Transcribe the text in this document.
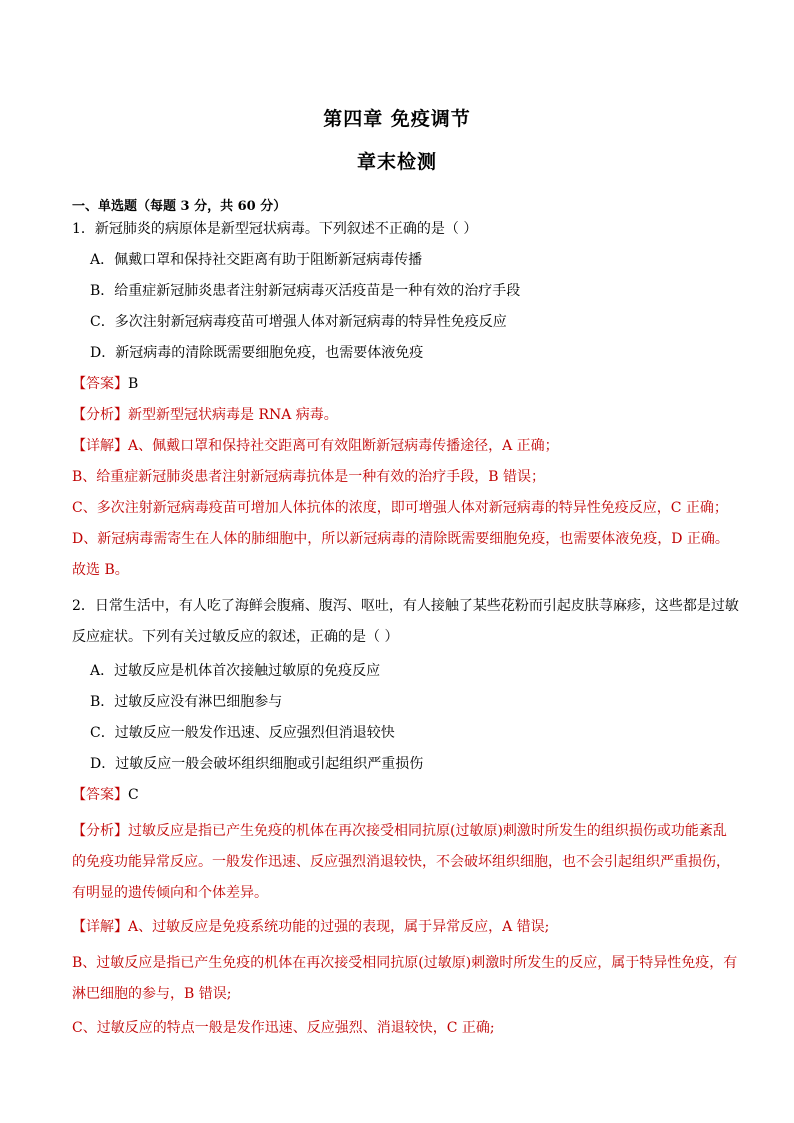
第四章 免疫调节
章末检测
一、单选题（每题 3 分，共 60 分）
1．新冠肺炎的病原体是新型冠状病毒。下列叙述不正确的是（ ）
A．佩戴口罩和保持社交距离有助于阻断新冠病毒传播
B．给重症新冠肺炎患者注射新冠病毒灭活疫苗是一种有效的治疗手段
C．多次注射新冠病毒疫苗可增强人体对新冠病毒的特异性免疫反应
D．新冠病毒的清除既需要细胞免疫，也需要体液免疫
【答案】B
【分析】新型新型冠状病毒是 RNA 病毒。
【详解】A、佩戴口罩和保持社交距离可有效阻断新冠病毒传播途径，A 正确；
B、给重症新冠肺炎患者注射新冠病毒抗体是一种有效的治疗手段，B 错误；
C、多次注射新冠病毒疫苗可增加人体抗体的浓度，即可增强人体对新冠病毒的特异性免疫反应，C 正确；
D、新冠病毒需寄生在人体的肺细胞中，所以新冠病毒的清除既需要细胞免疫，也需要体液免疫，D 正确。
故选 B。
2．日常生活中，有人吃了海鲜会腹痛、腹泻、呕吐，有人接触了某些花粉而引起皮肤荨麻疹，这些都是过敏反应症状。下列有关过敏反应的叙述，正确的是（ ）
A．过敏反应是机体首次接触过敏原的免疫反应
B．过敏反应没有淋巴细胞参与
C．过敏反应一般发作迅速、反应强烈但消退较快
D．过敏反应一般会破坏组织细胞或引起组织严重损伤
【答案】C
【分析】过敏反应是指已产生免疫的机体在再次接受相同抗原(过敏原)刺激时所发生的组织损伤或功能紊乱的免疫功能异常反应。一般发作迅速、反应强烈消退较快，不会破坏组织细胞，也不会引起组织严重损伤，有明显的遗传倾向和个体差异。
【详解】A、过敏反应是免疫系统功能的过强的表现，属于异常反应，A 错误;
B、过敏反应是指已产生免疫的机体在再次接受相同抗原(过敏原)刺激时所发生的反应，属于特异性免疫，有淋巴细胞的参与，B 错误;
C、过敏反应的特点一般是发作迅速、反应强烈、消退较快，C 正确;
